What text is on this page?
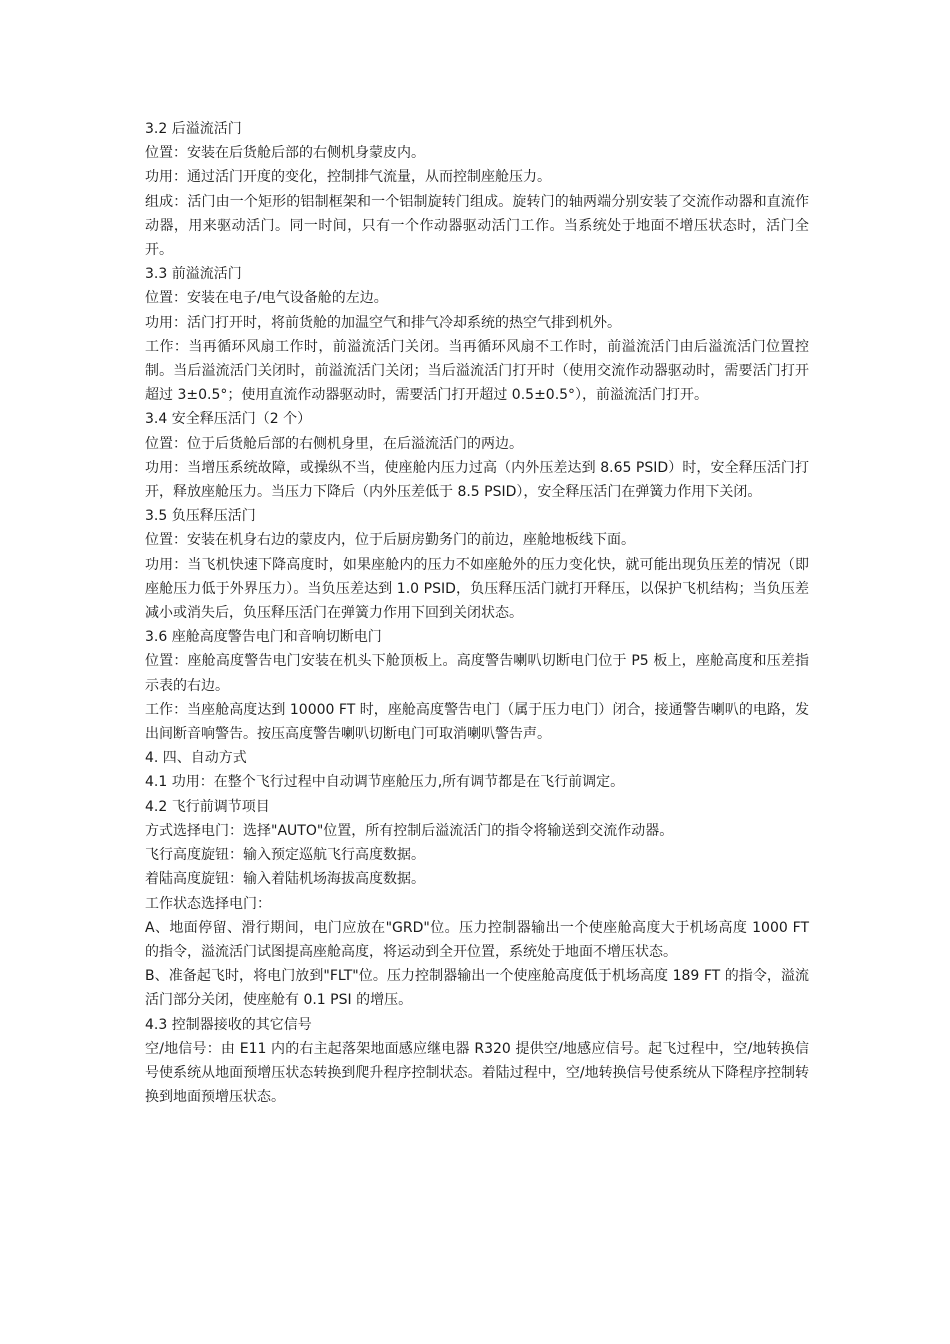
3.2 后溢流活门

位置：安装在后货舱后部的右侧机身蒙皮内。

功用：通过活门开度的变化，控制排气流量，从而控制座舱压力。

组成：活门由一个矩形的铝制框架和一个铝制旋转门组成。旋转门的轴两端分别安装了交流作动器和直流作动器，用来驱动活门。同一时间，只有一个作动器驱动活门工作。当系统处于地面不增压状态时，活门全开。

3.3 前溢流活门

位置：安装在电子/电气设备舱的左边。

功用：活门打开时，将前货舱的加温空气和排气冷却系统的热空气排到机外。

工作：当再循环风扇工作时，前溢流活门关闭。当再循环风扇不工作时，前溢流活门由后溢流活门位置控制。当后溢流活门关闭时，前溢流活门关闭；当后溢流活门打开时（使用交流作动器驱动时，需要活门打开超过 3±0.5°；使用直流作动器驱动时，需要活门打开超过 0.5±0.5°），前溢流活门打开。

3.4 安全释压活门（2 个）

位置：位于后货舱后部的右侧机身里，在后溢流活门的两边。

功用：当增压系统故障，或操纵不当，使座舱内压力过高（内外压差达到 8.65 PSID）时，安全释压活门打开，释放座舱压力。当压力下降后（内外压差低于 8.5 PSID），安全释压活门在弹簧力作用下关闭。

3.5 负压释压活门

位置：安装在机身右边的蒙皮内，位于后厨房勤务门的前边，座舱地板线下面。

功用：当飞机快速下降高度时，如果座舱内的压力不如座舱外的压力变化快，就可能出现负压差的情况（即座舱压力低于外界压力）。当负压差达到 1.0 PSID，负压释压活门就打开释压，以保护飞机结构；当负压差减小或消失后，负压释压活门在弹簧力作用下回到关闭状态。

3.6 座舱高度警告电门和音响切断电门

位置：座舱高度警告电门安装在机头下舱顶板上。高度警告喇叭切断电门位于 P5 板上，座舱高度和压差指示表的右边。

工作：当座舱高度达到 10000 FT 时，座舱高度警告电门（属于压力电门）闭合，接通警告喇叭的电路，发出间断音响警告。按压高度警告喇叭切断电门可取消喇叭警告声。

4. 四、自动方式

4.1 功用：在整个飞行过程中自动调节座舱压力,所有调节都是在飞行前调定。

4.2 飞行前调节项目

方式选择电门：选择"AUTO"位置，所有控制后溢流活门的指令将输送到交流作动器。

飞行高度旋钮：输入预定巡航飞行高度数据。

着陆高度旋钮：输入着陆机场海拔高度数据。

工作状态选择电门：

A、地面停留、滑行期间，电门应放在"GRD"位。压力控制器输出一个使座舱高度大于机场高度 1000 FT 的指令，溢流活门试图提高座舱高度，将运动到全开位置，系统处于地面不增压状态。

B、准备起飞时，将电门放到"FLT"位。压力控制器输出一个使座舱高度低于机场高度 189 FT 的指令，溢流活门部分关闭，使座舱有 0.1 PSI 的增压。

4.3 控制器接收的其它信号

空/地信号：由 E11 内的右主起落架地面感应继电器 R320 提供空/地感应信号。起飞过程中，空/地转换信号使系统从地面预增压状态转换到爬升程序控制状态。着陆过程中，空/地转换信号使系统从下降程序控制转换到地面预增压状态。
